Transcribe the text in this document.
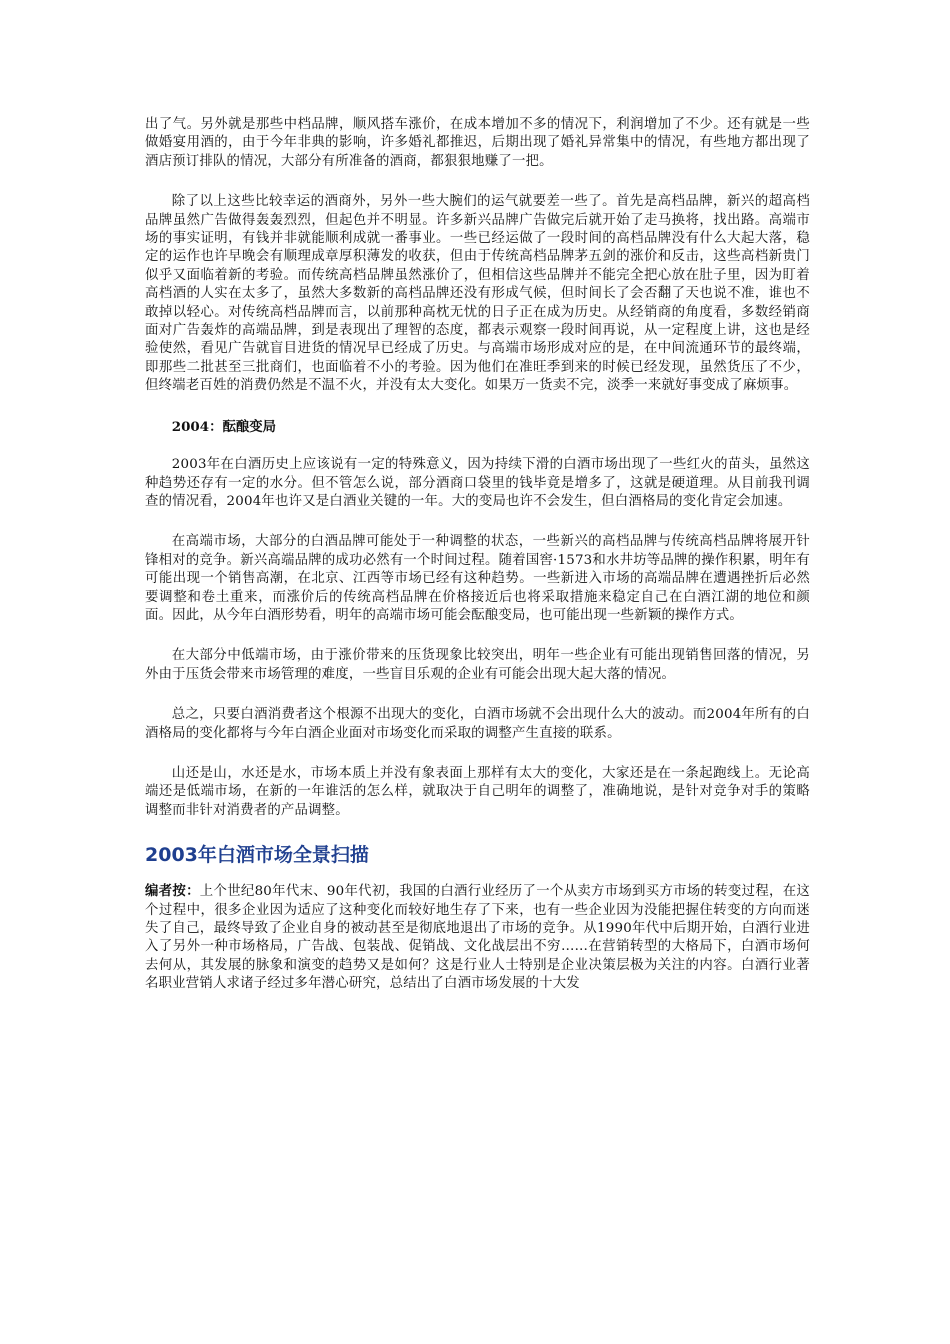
出了气。另外就是那些中档品牌，顺风搭车涨价，在成本增加不多的情况下，利润增加了不少。还有就是一些做婚宴用酒的，由于今年非典的影响，许多婚礼都推迟，后期出现了婚礼异常集中的情况，有些地方都出现了酒店预订排队的情况，大部分有所准备的酒商，都狠狠地赚了一把。

除了以上这些比较幸运的酒商外，另外一些大腕们的运气就要差一些了。首先是高档品牌，新兴的超高档品牌虽然广告做得轰轰烈烈，但起色并不明显。许多新兴品牌广告做完后就开始了走马换将，找出路。高端市场的事实证明，有钱并非就能顺利成就一番事业。一些已经运做了一段时间的高档品牌没有什么大起大落，稳定的运作也许早晚会有顺理成章厚积薄发的收获，但由于传统高档品牌茅五剑的涨价和反击，这些高档新贵门似乎又面临着新的考验。而传统高档品牌虽然涨价了，但相信这些品牌并不能完全把心放在肚子里，因为盯着高档酒的人实在太多了，虽然大多数新的高档品牌还没有形成气候，但时间长了会否翻了天也说不准，谁也不敢掉以轻心。对传统高档品牌而言，以前那种高枕无忧的日子正在成为历史。从经销商的角度看，多数经销商面对广告轰炸的高端品牌，到是表现出了理智的态度，都表示观察一段时间再说，从一定程度上讲，这也是经验使然，看见广告就盲目进货的情况早已经成了历史。与高端市场形成对应的是，在中间流通环节的最终端，即那些二批甚至三批商们，也面临着不小的考验。因为他们在准旺季到来的时候已经发现，虽然货压了不少，但终端老百姓的消费仍然是不温不火，并没有太大变化。如果万一货卖不完，淡季一来就好事变成了麻烦事。

2004：酝酿变局

2003年在白酒历史上应该说有一定的特殊意义，因为持续下滑的白酒市场出现了一些红火的苗头，虽然这种趋势还存有一定的水分。但不管怎么说，部分酒商口袋里的钱毕竟是增多了，这就是硬道理。从目前我刊调查的情况看，2004年也许又是白酒业关键的一年。大的变局也许不会发生，但白酒格局的变化肯定会加速。

在高端市场，大部分的白酒品牌可能处于一种调整的状态，一些新兴的高档品牌与传统高档品牌将展开针锋相对的竞争。新兴高端品牌的成功必然有一个时间过程。随着国窖·1573和水井坊等品牌的操作积累，明年有可能出现一个销售高潮，在北京、江西等市场已经有这种趋势。一些新进入市场的高端品牌在遭遇挫折后必然要调整和卷土重来，而涨价后的传统高档品牌在价格接近后也将采取措施来稳定自己在白酒江湖的地位和颜面。因此，从今年白酒形势看，明年的高端市场可能会酝酿变局，也可能出现一些新颖的操作方式。

在大部分中低端市场，由于涨价带来的压货现象比较突出，明年一些企业有可能出现销售回落的情况，另外由于压货会带来市场管理的难度，一些盲目乐观的企业有可能会出现大起大落的情况。

总之，只要白酒消费者这个根源不出现大的变化，白酒市场就不会出现什么大的波动。而2004年所有的白酒格局的变化都将与今年白酒企业面对市场变化而采取的调整产生直接的联系。

山还是山，水还是水，市场本质上并没有象表面上那样有太大的变化，大家还是在一条起跑线上。无论高端还是低端市场，在新的一年谁活的怎么样，就取决于自己明年的调整了，准确地说，是针对竞争对手的策略调整而非针对消费者的产品调整。

2003年白酒市场全景扫描

编者按：上个世纪80年代末、90年代初，我国的白酒行业经历了一个从卖方市场到买方市场的转变过程，在这个过程中，很多企业因为适应了这种变化而较好地生存了下来，也有一些企业因为没能把握住转变的方向而迷失了自己，最终导致了企业自身的被动甚至是彻底地退出了市场的竞争。从1990年代中后期开始，白酒行业进入了另外一种市场格局，广告战、包装战、促销战、文化战层出不穷……在营销转型的大格局下，白酒市场何去何从，其发展的脉象和演变的趋势又是如何？这是行业人士特别是企业决策层极为关注的内容。白酒行业著名职业营销人求诸子经过多年潜心研究，总结出了白酒市场发展的十大发
